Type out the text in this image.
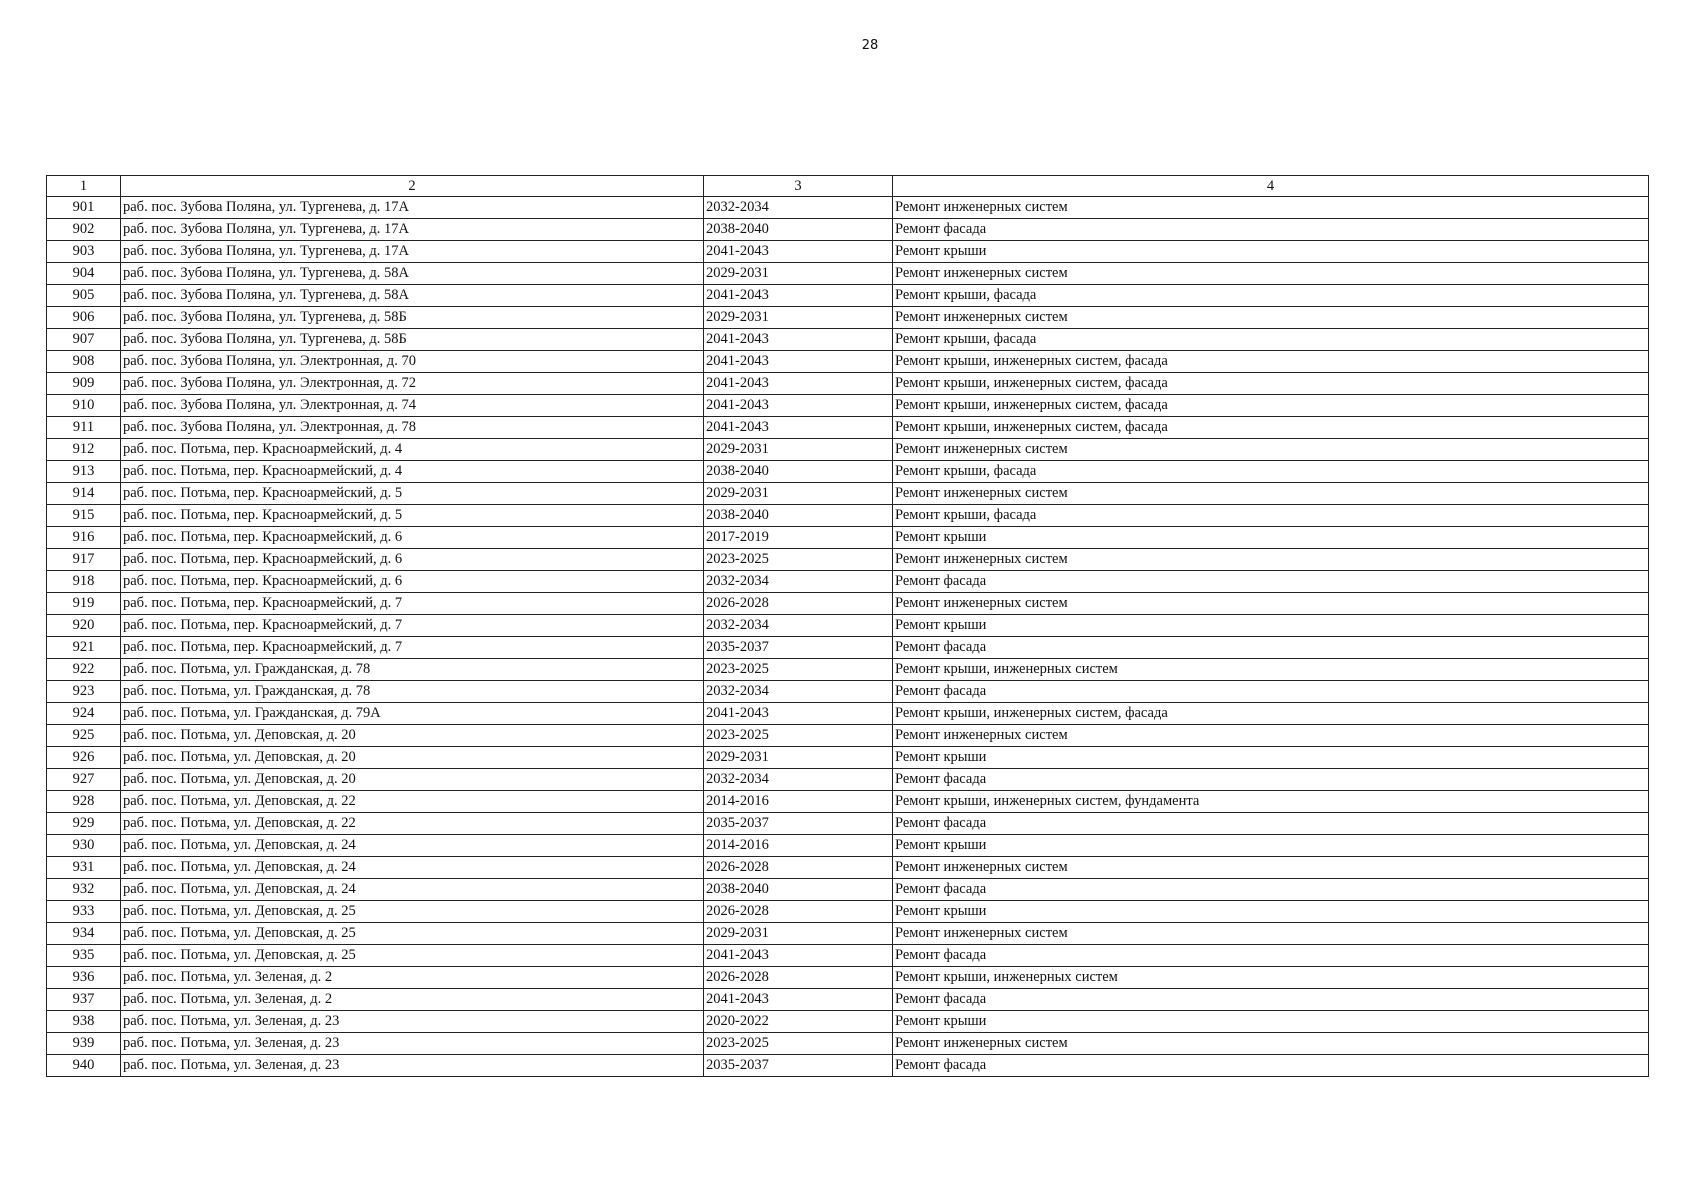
28
1	2	3	4
901	раб. пос. Зубова Поляна, ул. Тургенева, д. 17А	2032-2034	Ремонт инженерных систем
902	раб. пос. Зубова Поляна, ул. Тургенева, д. 17А	2038-2040	Ремонт фасада
903	раб. пос. Зубова Поляна, ул. Тургенева, д. 17А	2041-2043	Ремонт крыши
904	раб. пос. Зубова Поляна, ул. Тургенева, д. 58А	2029-2031	Ремонт инженерных систем
905	раб. пос. Зубова Поляна, ул. Тургенева, д. 58А	2041-2043	Ремонт крыши, фасада
906	раб. пос. Зубова Поляна, ул. Тургенева, д. 58Б	2029-2031	Ремонт инженерных систем
907	раб. пос. Зубова Поляна, ул. Тургенева, д. 58Б	2041-2043	Ремонт крыши, фасада
908	раб. пос. Зубова Поляна, ул. Электронная, д. 70	2041-2043	Ремонт крыши, инженерных систем, фасада
909	раб. пос. Зубова Поляна, ул. Электронная, д. 72	2041-2043	Ремонт крыши, инженерных систем, фасада
910	раб. пос. Зубова Поляна, ул. Электронная, д. 74	2041-2043	Ремонт крыши, инженерных систем, фасада
911	раб. пос. Зубова Поляна, ул. Электронная, д. 78	2041-2043	Ремонт крыши, инженерных систем, фасада
912	раб. пос. Потьма, пер. Красноармейский, д. 4	2029-2031	Ремонт инженерных систем
913	раб. пос. Потьма, пер. Красноармейский, д. 4	2038-2040	Ремонт крыши, фасада
914	раб. пос. Потьма, пер. Красноармейский, д. 5	2029-2031	Ремонт инженерных систем
915	раб. пос. Потьма, пер. Красноармейский, д. 5	2038-2040	Ремонт крыши, фасада
916	раб. пос. Потьма, пер. Красноармейский, д. 6	2017-2019	Ремонт крыши
917	раб. пос. Потьма, пер. Красноармейский, д. 6	2023-2025	Ремонт инженерных систем
918	раб. пос. Потьма, пер. Красноармейский, д. 6	2032-2034	Ремонт фасада
919	раб. пос. Потьма, пер. Красноармейский, д. 7	2026-2028	Ремонт инженерных систем
920	раб. пос. Потьма, пер. Красноармейский, д. 7	2032-2034	Ремонт крыши
921	раб. пос. Потьма, пер. Красноармейский, д. 7	2035-2037	Ремонт фасада
922	раб. пос. Потьма, ул. Гражданская, д. 78	2023-2025	Ремонт крыши, инженерных систем
923	раб. пос. Потьма, ул. Гражданская, д. 78	2032-2034	Ремонт фасада
924	раб. пос. Потьма, ул. Гражданская, д. 79А	2041-2043	Ремонт крыши, инженерных систем, фасада
925	раб. пос. Потьма, ул. Деповская, д. 20	2023-2025	Ремонт инженерных систем
926	раб. пос. Потьма, ул. Деповская, д. 20	2029-2031	Ремонт крыши
927	раб. пос. Потьма, ул. Деповская, д. 20	2032-2034	Ремонт фасада
928	раб. пос. Потьма, ул. Деповская, д. 22	2014-2016	Ремонт крыши, инженерных систем, фундамента
929	раб. пос. Потьма, ул. Деповская, д. 22	2035-2037	Ремонт фасада
930	раб. пос. Потьма, ул. Деповская, д. 24	2014-2016	Ремонт крыши
931	раб. пос. Потьма, ул. Деповская, д. 24	2026-2028	Ремонт инженерных систем
932	раб. пос. Потьма, ул. Деповская, д. 24	2038-2040	Ремонт фасада
933	раб. пос. Потьма, ул. Деповская, д. 25	2026-2028	Ремонт крыши
934	раб. пос. Потьма, ул. Деповская, д. 25	2029-2031	Ремонт инженерных систем
935	раб. пос. Потьма, ул. Деповская, д. 25	2041-2043	Ремонт фасада
936	раб. пос. Потьма, ул. Зеленая, д. 2	2026-2028	Ремонт крыши, инженерных систем
937	раб. пос. Потьма, ул. Зеленая, д. 2	2041-2043	Ремонт фасада
938	раб. пос. Потьма, ул. Зеленая, д. 23	2020-2022	Ремонт крыши
939	раб. пос. Потьма, ул. Зеленая, д. 23	2023-2025	Ремонт инженерных систем
940	раб. пос. Потьма, ул. Зеленая, д. 23	2035-2037	Ремонт фасада
